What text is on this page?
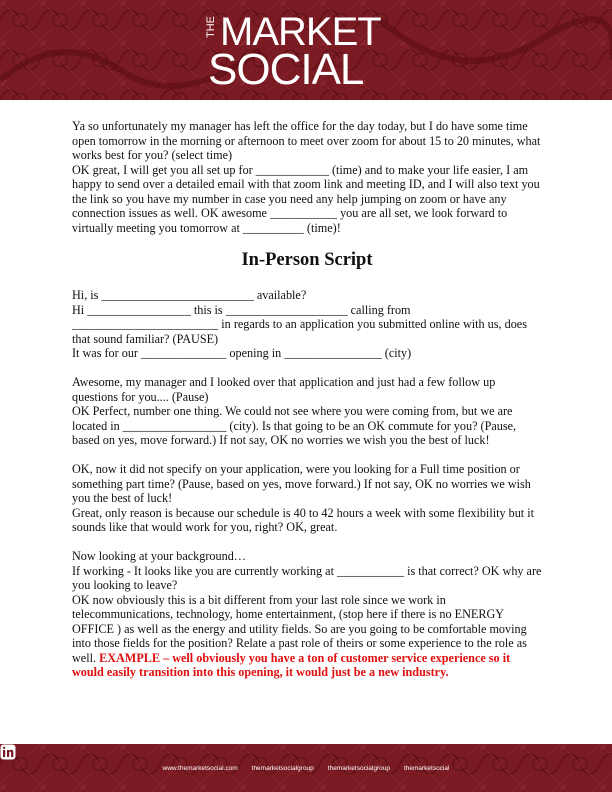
THE MARKET
SOCIAL

Ya so unfortunately my manager has left the office for the day today, but I do have some time open tomorrow in the morning or afternoon to meet over zoom for about 15 to 20 minutes, what works best for you? (select time)

OK great, I will get you all set up for ____________ (time) and to make your life easier, I am happy to send over a detailed email with that zoom link and meeting ID, and I will also text you the link so you have my number in case you need any help jumping on zoom or have any connection issues as well. OK awesome ___________ you are all set, we look forward to virtually meeting you tomorrow at __________ (time)!

In-Person Script

Hi, is _________________________ available?

Hi _________________ this is ____________________ calling from ________________________ in regards to an application you submitted online with us, does that sound familiar? (PAUSE)

It was for our ______________ opening in ________________ (city)

Awesome, my manager and I looked over that application and just had a few follow up questions for you.... (Pause)

OK Perfect, number one thing. We could not see where you were coming from, but we are located in _________________ (city). Is that going to be an OK commute for you? (Pause, based on yes, move forward.) If not say, OK no worries we wish you the best of luck!

OK, now it did not specify on your application, were you looking for a Full time position or something part time? (Pause, based on yes, move forward.) If not say, OK no worries we wish you the best of luck!

Great, only reason is because our schedule is 40 to 42 hours a week with some flexibility but it sounds like that would work for you, right? OK, great.

Now looking at your background…

If working - It looks like you are currently working at ___________ is that correct? OK why are you looking to leave?

OK now obviously this is a bit different from your last role since we work in telecommunications, technology, home entertainment, (stop here if there is no ENERGY OFFICE ) as well as the energy and utility fields. So are you going to be comfortable moving into those fields for the position? Relate a past role of theirs or some experience to the role as well. EXAMPLE – well obviously you have a ton of customer service experience so it would easily transition into this opening, it would just be a new industry.

www.themarketsocial.com themarketsocialgroup themarketsocialgroup themarketsocial
